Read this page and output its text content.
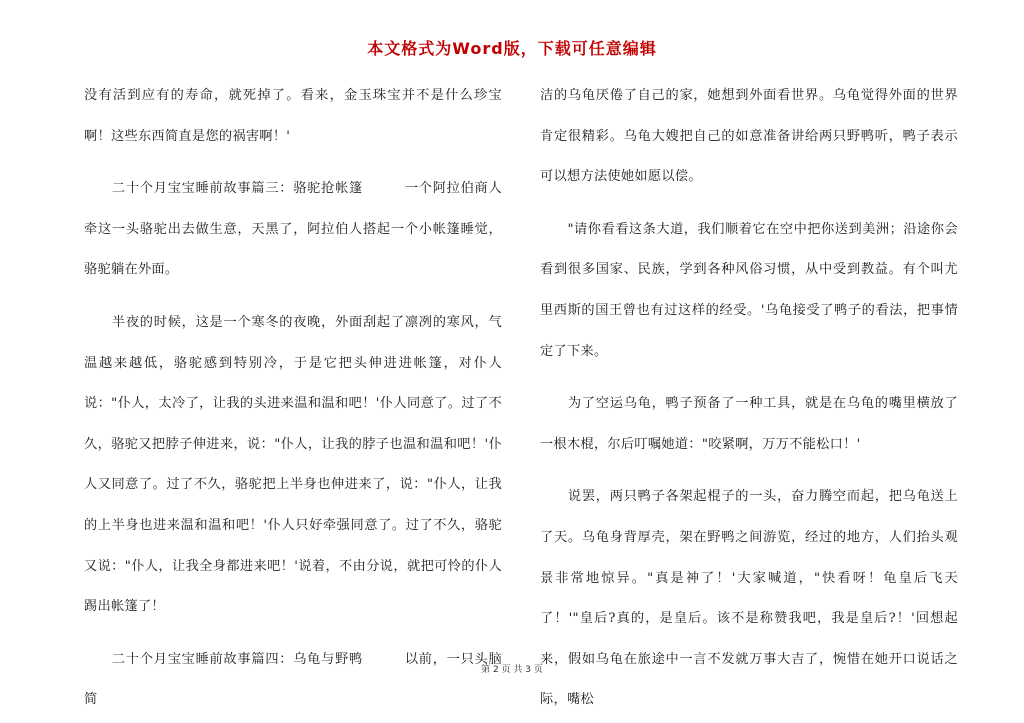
本文格式为Word版，下载可任意编辑

没有活到应有的寿命，就死掉了。看来，金玉珠宝并不是什么珍宝啊！这些东西简直是您的祸害啊！'

　　二十个月宝宝睡前故事篇三：骆驼抢帐篷　　　一个阿拉伯商人牵这一头骆驼出去做生意，天黑了，阿拉伯人搭起一个小帐篷睡觉，骆驼躺在外面。

　　半夜的时候，这是一个寒冬的夜晚，外面刮起了凛冽的寒风，气温越来越低，骆驼感到特别冷，于是它把头伸进进帐篷，对仆人说："仆人，太冷了，让我的头进来温和温和吧！'仆人同意了。过了不久，骆驼又把脖子伸进来，说："仆人，让我的脖子也温和温和吧！'仆人又同意了。过了不久，骆驼把上半身也伸进来了，说："仆人，让我的上半身也进来温和温和吧！'仆人只好牵强同意了。过了不久，骆驼又说："仆人，让我全身都进来吧！'说着，不由分说，就把可怜的仆人踢出帐篷了！

　　二十个月宝宝睡前故事篇四：乌龟与野鸭　　　以前，一只头脑简

洁的乌龟厌倦了自己的家，她想到外面看世界。乌龟觉得外面的世界肯定很精彩。乌龟大嫂把自己的如意准备讲给两只野鸭听，鸭子表示可以想方法使她如愿以偿。

　　"请你看看这条大道，我们顺着它在空中把你送到美洲；沿途你会看到很多国家、民族，学到各种风俗习惯，从中受到教益。有个叫尤里西斯的国王曾也有过这样的经受。'乌龟接受了鸭子的看法，把事情定了下来。

　　为了空运乌龟，鸭子预备了一种工具，就是在乌龟的嘴里横放了一根木棍，尔后叮嘱她道："咬紧啊，万万不能松口！'

　　说罢，两只鸭子各架起棍子的一头，奋力腾空而起，把乌龟送上了天。乌龟身背厚壳，架在野鸭之间游览，经过的地方，人们抬头观景非常地惊异。"真是神了！'大家喊道，"快看呀！龟皇后飞天了！'"皇后?真的，是皇后。该不是称赞我吧，我是皇后?！'回想起来，假如乌龟在旅途中一言不发就万事大吉了，惋惜在她开口说话之际，嘴松

第 2 页 共 3 页
